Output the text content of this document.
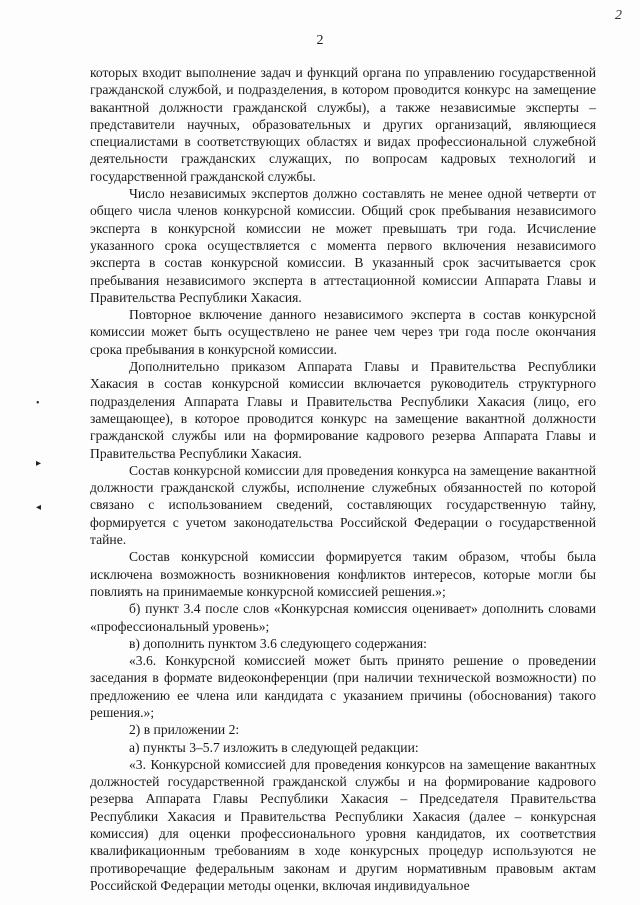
2
2
•
▸
◂

которых входит выполнение задач и функций органа по управлению государственной гражданской службой, и подразделения, в котором проводится конкурс на замещение вакантной должности гражданской службы), а также независимые эксперты – представители научных, образовательных и других организаций, являющиеся специалистами в соответствующих областях и видах профессиональной служебной деятельности гражданских служащих, по вопросам кадровых технологий и государственной гражданской службы.

Число независимых экспертов должно составлять не менее одной четверти от общего числа членов конкурсной комиссии. Общий срок пребывания независимого эксперта в конкурсной комиссии не может превышать три года. Исчисление указанного срока осуществляется с момента первого включения независимого эксперта в состав конкурсной комиссии. В указанный срок засчитывается срок пребывания независимого эксперта в аттестационной комиссии Аппарата Главы и Правительства Республики Хакасия.

Повторное включение данного независимого эксперта в состав конкурсной комиссии может быть осуществлено не ранее чем через три года после окончания срока пребывания в конкурсной комиссии.

Дополнительно приказом Аппарата Главы и Правительства Республики Хакасия в состав конкурсной комиссии включается руководитель структурного подразделения Аппарата Главы и Правительства Республики Хакасия (лицо, его замещающее), в которое проводится конкурс на замещение вакантной должности гражданской службы или на формирование кадрового резерва Аппарата Главы и Правительства Республики Хакасия.

Состав конкурсной комиссии для проведения конкурса на замещение вакантной должности гражданской службы, исполнение служебных обязанностей по которой связано с использованием сведений, составляющих государственную тайну, формируется с учетом законодательства Российской Федерации о государственной тайне.

Состав конкурсной комиссии формируется таким образом, чтобы была исключена возможность возникновения конфликтов интересов, которые могли бы повлиять на принимаемые конкурсной комиссией решения.»;

б) пункт 3.4 после слов «Конкурсная комиссия оценивает» дополнить словами «профессиональный уровень»;

в) дополнить пунктом 3.6 следующего содержания:

«3.6. Конкурсной комиссией может быть принято решение о проведении заседания в формате видеоконференции (при наличии технической возможности) по предложению ее члена или кандидата с указанием причины (обоснования) такого решения.»;

2) в приложении 2:

а) пункты 3–5.7 изложить в следующей редакции:

«3. Конкурсной комиссией для проведения конкурсов на замещение вакантных должностей государственной гражданской службы и на формирование кадрового резерва Аппарата Главы Республики Хакасия – Председателя Правительства Республики Хакасия и Правительства Республики Хакасия (далее – конкурсная комиссия) для оценки профессионального уровня кандидатов, их соответствия квалификационным требованиям в ходе конкурсных процедур используются не противоречащие федеральным законам и другим нормативным правовым актам Российской Федерации методы оценки, включая индивидуальное
